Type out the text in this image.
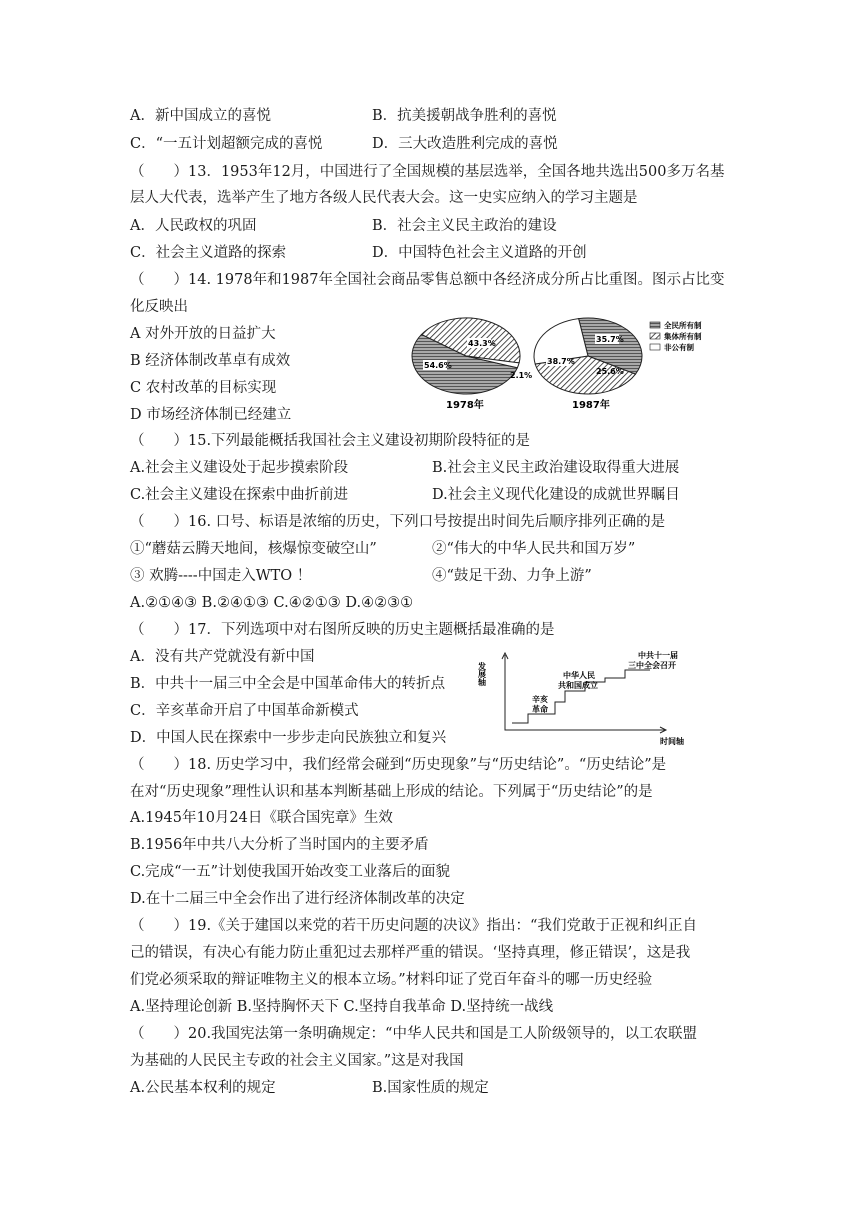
A．新中国成立的喜悦	B．抗美援朝战争胜利的喜悦
C．“一五计划超额完成的喜悦	D．三大改造胜利完成的喜悦
（　　）13．1953年12月，中国进行了全国规模的基层选举，全国各地共选出500多万名基
层人大代表，选举产生了地方各级人民代表大会。这一史实应纳入的学习主题是
A．人民政权的巩固	B．社会主义民主政治的建设
C．社会主义道路的探索	D．中国特色社会主义道路的开创
（　　）14. 1978年和1987年全国社会商品零售总额中各经济成分所占比重图。图示占比变
化反映出
A 对外开放的日益扩大
B 经济体制改革卓有成效
C 农村改革的目标实现
D 市场经济体制已经建立
（　　）15.下列最能概括我国社会主义建设初期阶段特征的是
A.社会主义建设处于起步摸索阶段	B.社会主义民主政治建设取得重大进展
C.社会主义建设在探索中曲折前进	D.社会主义现代化建设的成就世界瞩目
（　　）16. 口号、标语是浓缩的历史，下列口号按提出时间先后顺序排列正确的是
①“蘑菇云腾天地间，核爆惊变破空山”	②“伟大的中华人民共和国万岁”
③ 欢腾----中国走入WTO ！	④“鼓足干劲、力争上游”
A.②①④③ B.②④①③ C.④②①③ D.④②③①
（　　）17．下列选项中对右图所反映的历史主题概括最准确的是
A．没有共产党就没有新中国
B．中共十一届三中全会是中国革命伟大的转折点
C．辛亥革命开启了中国革命新模式
D．中国人民在探索中一步步走向民族独立和复兴
（　　）18. 历史学习中，我们经常会碰到“历史现象”与“历史结论”。“历史结论”是
在对“历史现象”理性认识和基本判断基础上形成的结论。下列属于“历史结论”的是
A.1945年10月24日《联合国宪章》生效
B.1956年中共八大分析了当时国内的主要矛盾
C.完成“一五”计划使我国开始改变工业落后的面貌
D.在十二届三中全会作出了进行经济体制改革的决定
（　　）19.《关于建国以来党的若干历史问题的决议》指出：“我们党敢于正视和纠正自
己的错误，有决心有能力防止重犯过去那样严重的错误。‘坚持真理，修正错误’，这是我
们党必须采取的辩证唯物主义的根本立场。”材料印证了党百年奋斗的哪一历史经验
A.坚持理论创新 B.坚持胸怀天下 C.坚持自我革命 D.坚持统一战线
（　　）20.我国宪法第一条明确规定：“中华人民共和国是工人阶级领导的，以工农联盟
为基础的人民民主专政的社会主义国家。”这是对我国
A.公民基本权利的规定	B.国家性质的规定
54.6%
43.3%
2.1%
35.7%
38.7%
25.6%
1978年	1987年
全民所有制
集体所有制
非公有制
发展轴
辛亥革命
中华人民共和国成立
中共十一届三中全会召开
时间轴
